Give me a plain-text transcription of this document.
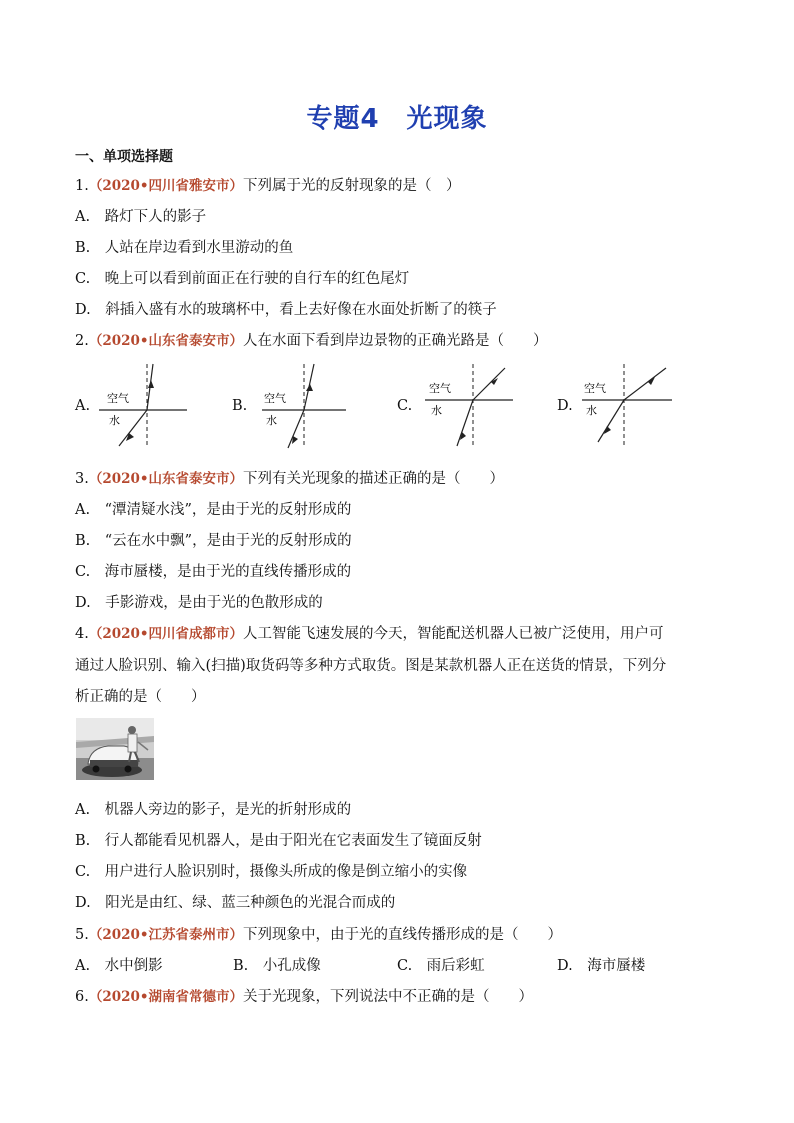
专题4　光现象
一、单项选择题
1.（2020•四川省雅安市）下列属于光的反射现象的是（　）
A.　路灯下人的影子
B.　人站在岸边看到水里游动的鱼
C.　晚上可以看到前面正在行驶的自行车的红色尾灯
D.　斜插入盛有水的玻璃杯中，看上去好像在水面处折断了的筷子
2.（2020•山东省泰安市）人在水面下看到岸边景物的正确光路是（　　）
A. 空气
水
B. 空气
水
C.
空气
水	D.
空气
水
3.（2020•山东省泰安市）下列有关光现象的描述正确的是（　　）
A.　“潭清疑水浅”，是由于光的反射形成的
B.　“云在水中飘”，是由于光的反射形成的
C.　海市蜃楼，是由于光的直线传播形成的
D.　手影游戏，是由于光的色散形成的
4.（2020•四川省成都市）人工智能飞速发展的今天，智能配送机器人已被广泛使用，用户可
通过人脸识别、输入(扫描)取货码等多种方式取货。图是某款机器人正在送货的情景，下列分
析正确的是（　　）
A.　机器人旁边的影子，是光的折射形成的
B.　行人都能看见机器人，是由于阳光在它表面发生了镜面反射
C.　用户进行人脸识别时，摄像头所成的像是倒立缩小的实像
D.　阳光是由红、绿、蓝三种颜色的光混合而成的
5.（2020•江苏省泰州市）下列现象中，由于光的直线传播形成的是（　　）
A.　水中倒影	B.　小孔成像	C.　雨后彩虹	D.　海市蜃楼
6.（2020•湖南省常德市）关于光现象，下列说法中不正确的是（　　）
